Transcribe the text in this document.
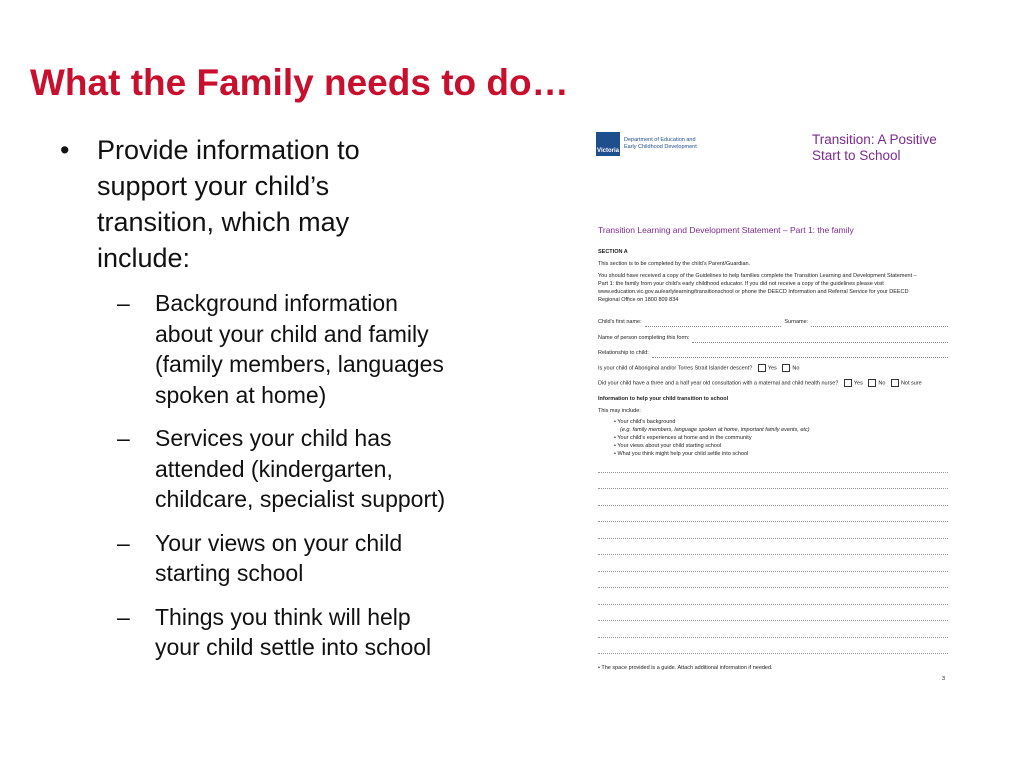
What the Family needs to do…
• Provide information to
support your child’s
transition, which may
include:
– Background information
about your child and family
(family members, languages
spoken at home)
– Services your child has
attended (kindergarten,
childcare, specialist support)
– Your views on your child
starting school
– Things you think will help
your child settle into school
Victoria
Department of Education and
Early Childhood Development	Transition: A Positive
Start to School
Transition Learning and Development Statement – Part 1: the family
SECTION A
This section is to be completed by the child’s Parent/Guardian.
You should have received a copy of the Guidelines to help families complete the Transition Learning and Development Statement –
Part 1: the family from your child’s early childhood educator. If you did not receive a copy of the guidelines please visit
www.education.vic.gov.au/earlylearning/transitionschool or phone the DEECD Information and Referral Service for your DEECD
Regional Office on 1800 809 834
Child’s first name:	Surname:
Name of person completing this form:
Relationship to child:
Is your child of Aboriginal and/or Torres Strait Islander descent?	Yes	No
Did your child have a three and a half year old consultation with a maternal and child health nurse?	Yes	No	Not sure
Information to help your child transition to school
This may include:
• Your child’s background
(e.g. family members, language spoken at home, important family events, etc)
• Your child’s experiences at home and in the community
• Your views about your child starting school
• What you think might help your child settle into school
• The space provided is a guide. Attach additional information if needed.
3
